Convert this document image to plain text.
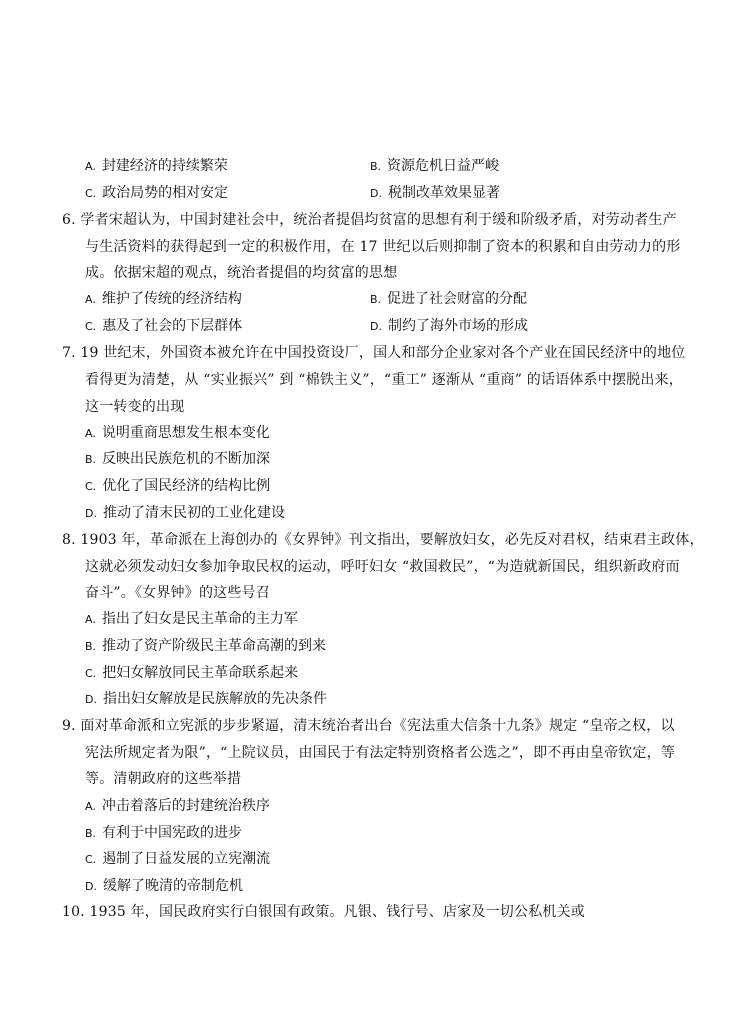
A. 封建经济的持续繁荣	B. 资源危机日益严峻
C. 政治局势的相对安定	D. 税制改革效果显著
6. 学者宋超认为，中国封建社会中，统治者提倡均贫富的思想有利于缓和阶级矛盾，对劳动者生产
与生活资料的获得起到一定的积极作用，在 17 世纪以后则抑制了资本的积累和自由劳动力的形
成。依据宋超的观点，统治者提倡的均贫富的思想
A. 维护了传统的经济结构	B. 促进了社会财富的分配
C. 惠及了社会的下层群体	D. 制约了海外市场的形成
7. 19 世纪末，外国资本被允许在中国投资设厂，国人和部分企业家对各个产业在国民经济中的地位
看得更为清楚，从 “实业振兴” 到 “棉铁主义”，“重工” 逐渐从 “重商” 的话语体系中摆脱出来，
这一转变的出现
A. 说明重商思想发生根本变化
B. 反映出民族危机的不断加深
C. 优化了国民经济的结构比例
D. 推动了清末民初的工业化建设
8. 1903 年，革命派在上海创办的《女界钟》刊文指出，要解放妇女，必先反对君权，结束君主政体，
这就必须发动妇女参加争取民权的运动，呼吁妇女 “救国救民”，“为造就新国民，组织新政府而
奋斗”。《女界钟》的这些号召
A. 指出了妇女是民主革命的主力军
B. 推动了资产阶级民主革命高潮的到来
C. 把妇女解放同民主革命联系起来
D. 指出妇女解放是民族解放的先决条件
9. 面对革命派和立宪派的步步紧逼，清末统治者出台《宪法重大信条十九条》规定 “皇帝之权，以
宪法所规定者为限”，“上院议员，由国民于有法定特别资格者公选之”，即不再由皇帝钦定，等
等。清朝政府的这些举措
A. 冲击着落后的封建统治秩序
B. 有利于中国宪政的进步
C. 遏制了日益发展的立宪潮流
D. 缓解了晚清的帝制危机
10. 1935 年，国民政府实行白银国有政策。凡银、钱行号、店家及一切公私机关或
